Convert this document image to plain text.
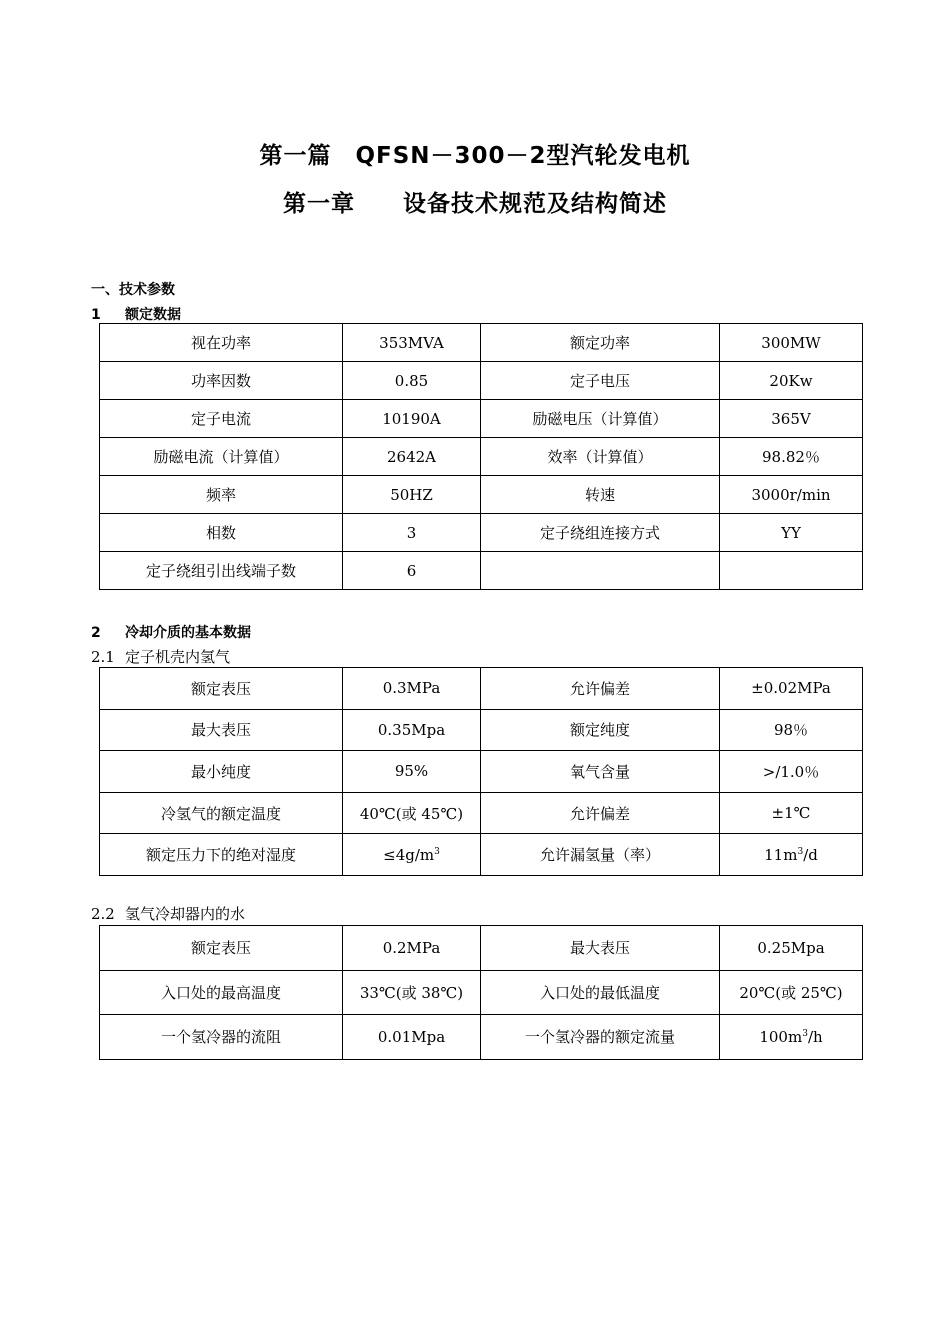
第一篇　QFSN－300－2型汽轮发电机
第一章　　设备技术规范及结构简述
一、技术参数
1 额定数据
视在功率	353MVA	额定功率	300MW
功率因数	0.85	定子电压	20Kw
定子电流	10190A	励磁电压（计算值）	365V
励磁电流（计算值）	2642A	效率（计算值）	98.82％
频率	50HZ	转速	3000r/min
相数	3	定子绕组连接方式	YY
定子绕组引出线端子数	6		
2 冷却介质的基本数据
2.1 定子机壳内氢气
额定表压	0.3MPa	允许偏差	±0.02MPa
最大表压	0.35Mpa	额定纯度	98％
最小纯度	95%	氧气含量	>/1.0％
冷氢气的额定温度	40℃(或 45℃)	允许偏差	±1℃
额定压力下的绝对湿度	$\le 4g/m^3$	允许漏氢量（率）	$11m^3/d$
2.2 氢气冷却器内的水
额定表压	0.2MPa	最大表压	0.25Mpa
入口处的最高温度	33℃(或 38℃)	入口处的最低温度	20℃(或 25℃)
一个氢冷器的流阻	0.01Mpa	一个氢冷器的额定流量	$100m^3/h$
